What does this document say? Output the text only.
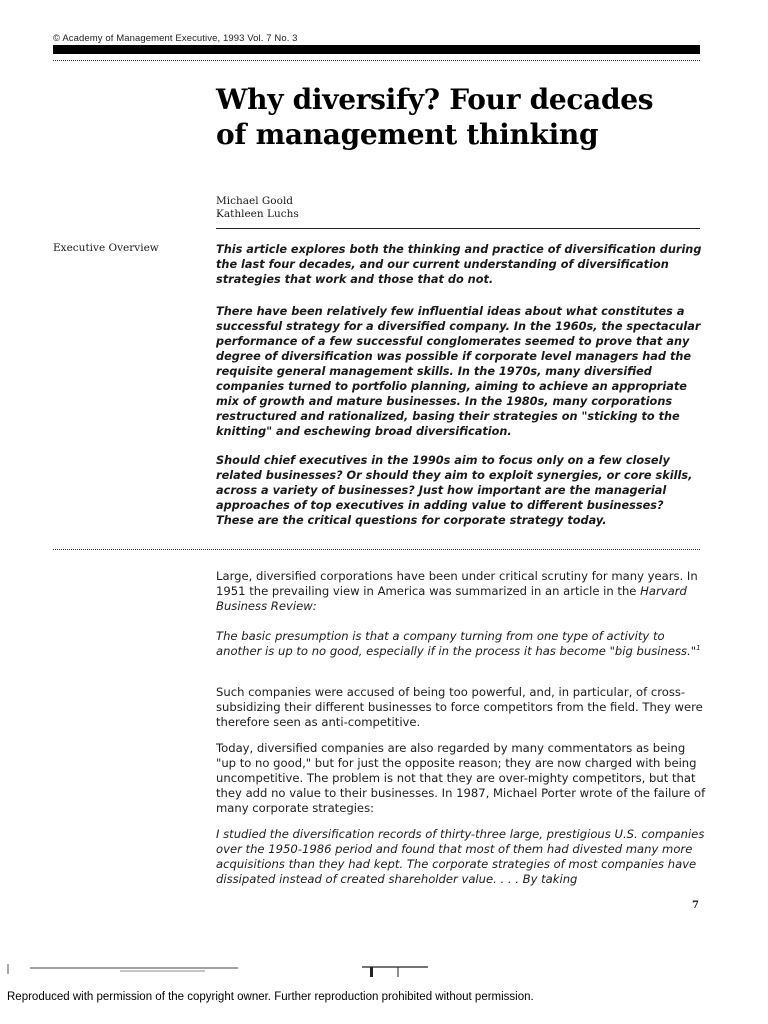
© Academy of Management Executive, 1993 Vol. 7 No. 3
Why diversify? Four decades
of management thinking
Michael Goold
Kathleen Luchs
Executive Overview	This article explores both the thinking and practice of diversification during the last four decades, and our current understanding of diversification strategies that work and those that do not.

There have been relatively few influential ideas about what constitutes a successful strategy for a diversified company. In the 1960s, the spectacular performance of a few successful conglomerates seemed to prove that any degree of diversification was possible if corporate level managers had the requisite general management skills. In the 1970s, many diversified companies turned to portfolio planning, aiming to achieve an appropriate mix of growth and mature businesses. In the 1980s, many corporations restructured and rationalized, basing their strategies on "sticking to the knitting" and eschewing broad diversification.

Should chief executives in the 1990s aim to focus only on a few closely related businesses? Or should they aim to exploit synergies, or core skills, across a variety of businesses? Just how important are the managerial approaches of top executives in adding value to different businesses? These are the critical questions for corporate strategy today.

Large, diversified corporations have been under critical scrutiny for many years. In 1951 the prevailing view in America was summarized in an article in the Harvard Business Review:

The basic presumption is that a company turning from one type of activity to another is up to no good, especially if in the process it has become "big business."$^1$

Such companies were accused of being too powerful, and, in particular, of cross-subsidizing their different businesses to force competitors from the field. They were therefore seen as anti-competitive.

Today, diversified companies are also regarded by many commentators as being "up to no good," but for just the opposite reason; they are now charged with being uncompetitive. The problem is not that they are over-mighty competitors, but that they add no value to their businesses. In 1987, Michael Porter wrote of the failure of many corporate strategies:

I studied the diversification records of thirty-three large, prestigious U.S. companies over the 1950-1986 period and found that most of them had divested many more acquisitions than they had kept. The corporate strategies of most companies have dissipated instead of created shareholder value. . . . By taking

7
Reproduced with permission of the copyright owner. Further reproduction prohibited without permission.
